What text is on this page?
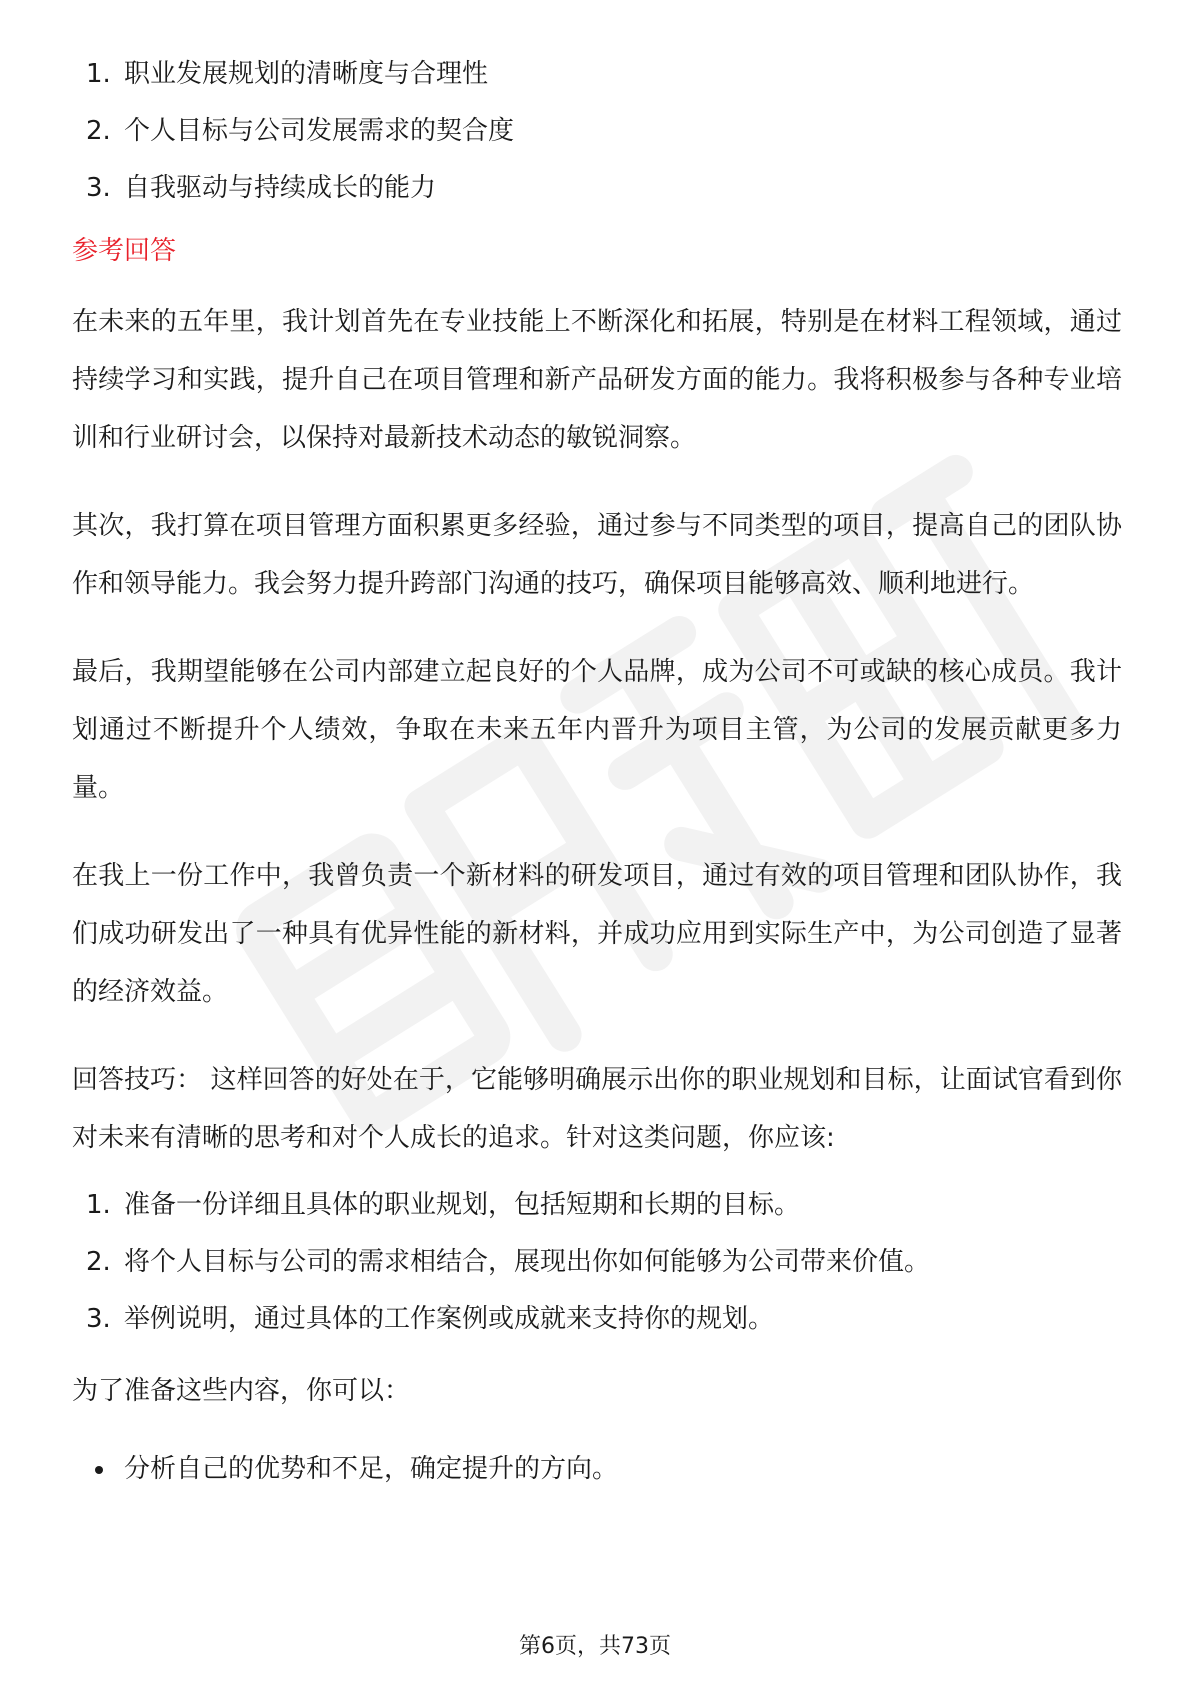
1. 职业发展规划的清晰度与合理性
2. 个人目标与公司发展需求的契合度
3. 自我驱动与持续成长的能力
参考回答

在未来的五年里，我计划首先在专业技能上不断深化和拓展，特别是在材料工程领域，通过持续学习和实践，提升自己在项目管理和新产品研发方面的能力。我将积极参与各种专业培训和行业研讨会，以保持对最新技术动态的敏锐洞察。

其次，我打算在项目管理方面积累更多经验，通过参与不同类型的项目，提高自己的团队协作和领导能力。我会努力提升跨部门沟通的技巧，确保项目能够高效、顺利地进行。

最后，我期望能够在公司内部建立起良好的个人品牌，成为公司不可或缺的核心成员。我计划通过不断提升个人绩效，争取在未来五年内晋升为项目主管，为公司的发展贡献更多力量。

在我上一份工作中，我曾负责一个新材料的研发项目，通过有效的项目管理和团队协作，我们成功研发出了一种具有优异性能的新材料，并成功应用到实际生产中，为公司创造了显著的经济效益。

回答技巧： 这样回答的好处在于，它能够明确展示出你的职业规划和目标，让面试官看到你对未来有清晰的思考和对个人成长的追求。针对这类问题，你应该:

1. 准备一份详细且具体的职业规划，包括短期和长期的目标。
2. 将个人目标与公司的需求相结合，展现出你如何能够为公司带来价值。
3. 举例说明，通过具体的工作案例或成就来支持你的规划。

为了准备这些内容，你可以：

分析自己的优势和不足，确定提升的方向。
第6页，共73页
